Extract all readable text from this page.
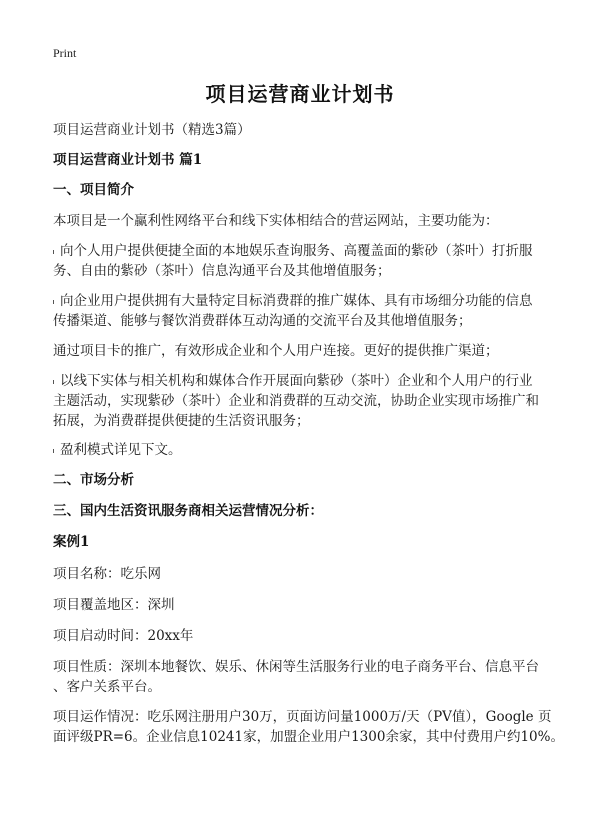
Print
项目运营商业计划书
项目运营商业计划书（精选3篇）
项目运营商业计划书 篇1
一、项目简介
本项目是一个赢利性网络平台和线下实体相结合的营运网站，主要功能为：
向个人用户提供便捷全面的本地娱乐查询服务、高覆盖面的紫砂（茶叶）打折服
务、自由的紫砂（茶叶）信息沟通平台及其他增值服务；
向企业用户提供拥有大量特定目标消费群的推广媒体、具有市场细分功能的信息
传播渠道、能够与餐饮消费群体互动沟通的交流平台及其他增值服务；
通过项目卡的推广，有效形成企业和个人用户连接。更好的提供推广渠道；
以线下实体与相关机构和媒体合作开展面向紫砂（茶叶）企业和个人用户的行业
主题活动，实现紫砂（茶叶）企业和消费群的互动交流，协助企业实现市场推广和
拓展，为消费群提供便捷的生活资讯服务；
盈利模式详见下文。
二、市场分析
三、国内生活资讯服务商相关运营情况分析：
案例1
项目名称：吃乐网
项目覆盖地区：深圳
项目启动时间：20xx年
项目性质：深圳本地餐饮、娱乐、休闲等生活服务行业的电子商务平台、信息平台
、客户关系平台。
项目运作情况：吃乐网注册用户30万，页面访问量1000万/天（PV值），Google 页
面评级PR=6。企业信息10241家，加盟企业用户1300余家，其中付费用户约10%。
